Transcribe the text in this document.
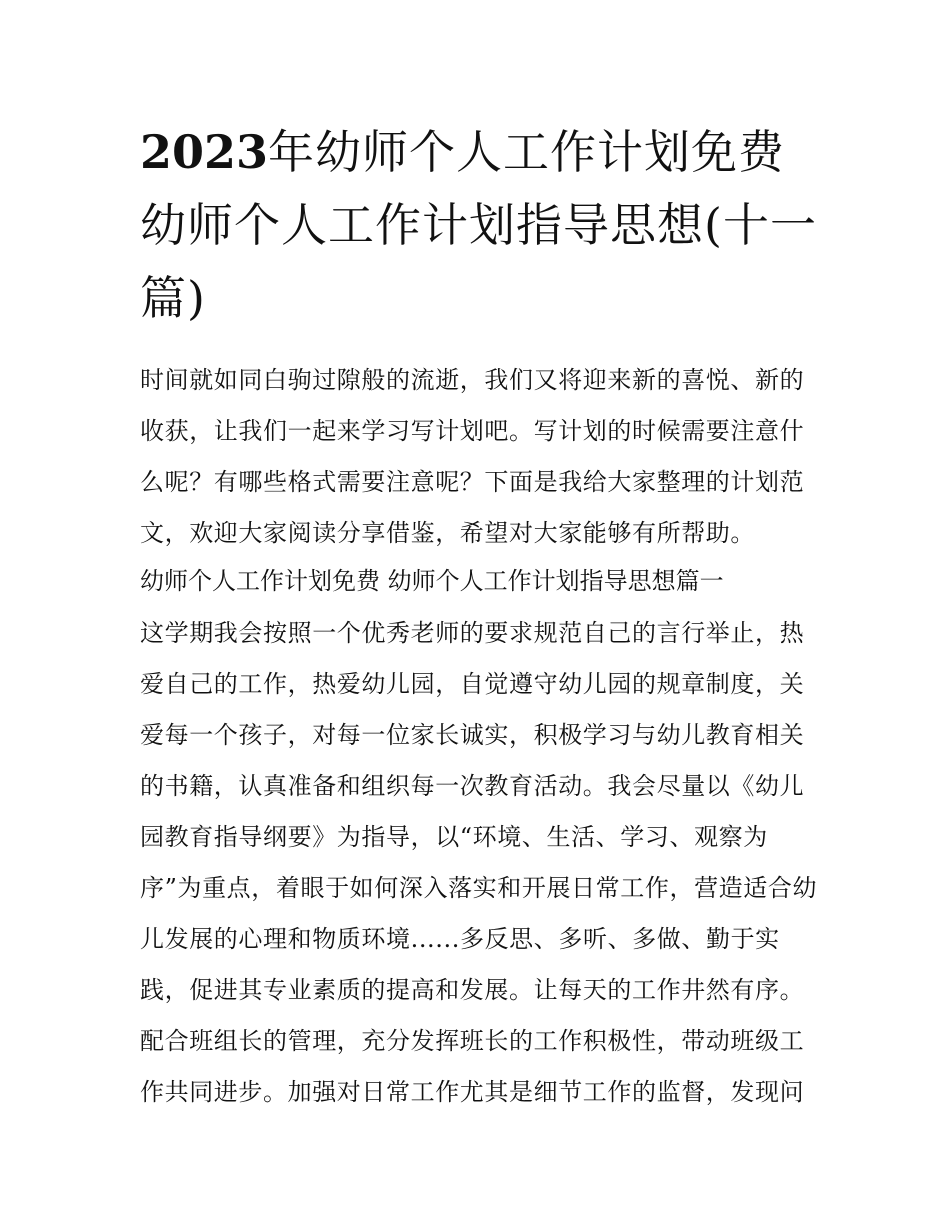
2023年幼师个人工作计划免费幼师个人工作计划指导思想(十一篇)

时间就如同白驹过隙般的流逝，我们又将迎来新的喜悦、新的收获，让我们一起来学习写计划吧。写计划的时候需要注意什么呢？有哪些格式需要注意呢？下面是我给大家整理的计划范文，欢迎大家阅读分享借鉴，希望对大家能够有所帮助。

幼师个人工作计划免费 幼师个人工作计划指导思想篇一

这学期我会按照一个优秀老师的要求规范自己的言行举止，热爱自己的工作，热爱幼儿园，自觉遵守幼儿园的规章制度，关爱每一个孩子，对每一位家长诚实，积极学习与幼儿教育相关的书籍，认真准备和组织每一次教育活动。我会尽量以《幼儿园教育指导纲要》为指导，以“环境、生活、学习、观察为序”为重点，着眼于如何深入落实和开展日常工作，营造适合幼儿发展的心理和物质环境......多反思、多听、多做、勤于实践，促进其专业素质的提高和发展。让每天的工作井然有序。配合班组长的管理，充分发挥班长的工作积极性，带动班级工作共同进步。加强对日常工作尤其是细节工作的监督，发现问
